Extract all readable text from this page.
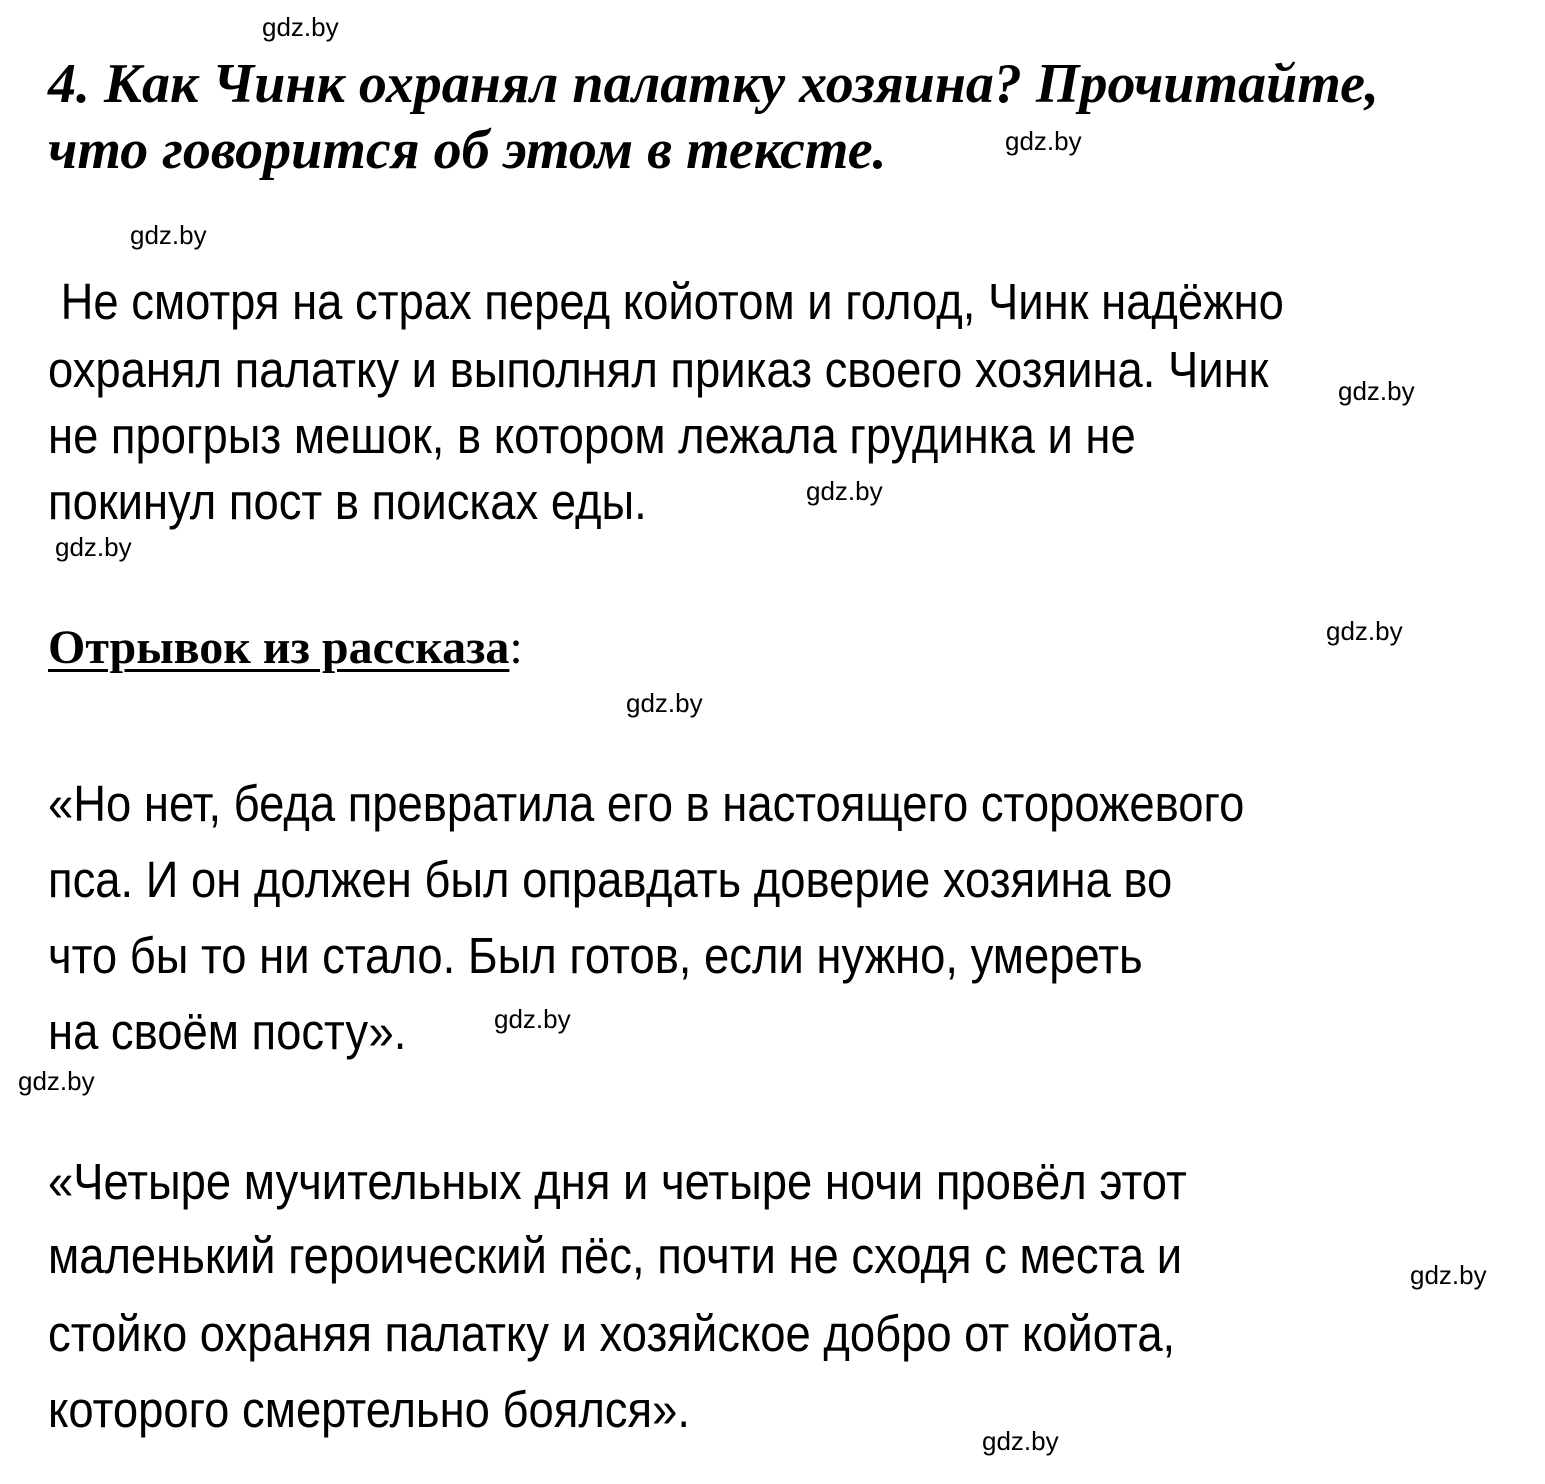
gdz.by
gdz.by
gdz.by
gdz.by
gdz.by
gdz.by
gdz.by
gdz.by
gdz.by
gdz.by
gdz.by
gdz.by
4. Как Чинк охранял палатку хозяина? Прочитайте,
что говорится об этом в тексте.
Не смотря на страх перед койотом и голод, Чинк надёжно
охранял палатку и выполнял приказ своего хозяина. Чинк
не прогрыз мешок, в котором лежала грудинка и не
покинул пост в поисках еды.
Отрывок из рассказа:
«Но нет, беда превратила его в настоящего сторожевого
пса. И он должен был оправдать доверие хозяина во
что бы то ни стало. Был готов, если нужно, умереть
на своём посту».
«Четыре мучительных дня и четыре ночи провёл этот
маленький героический пёс, почти не сходя с места и
стойко охраняя палатку и хозяйское добро от койота,
которого смертельно боялся».
